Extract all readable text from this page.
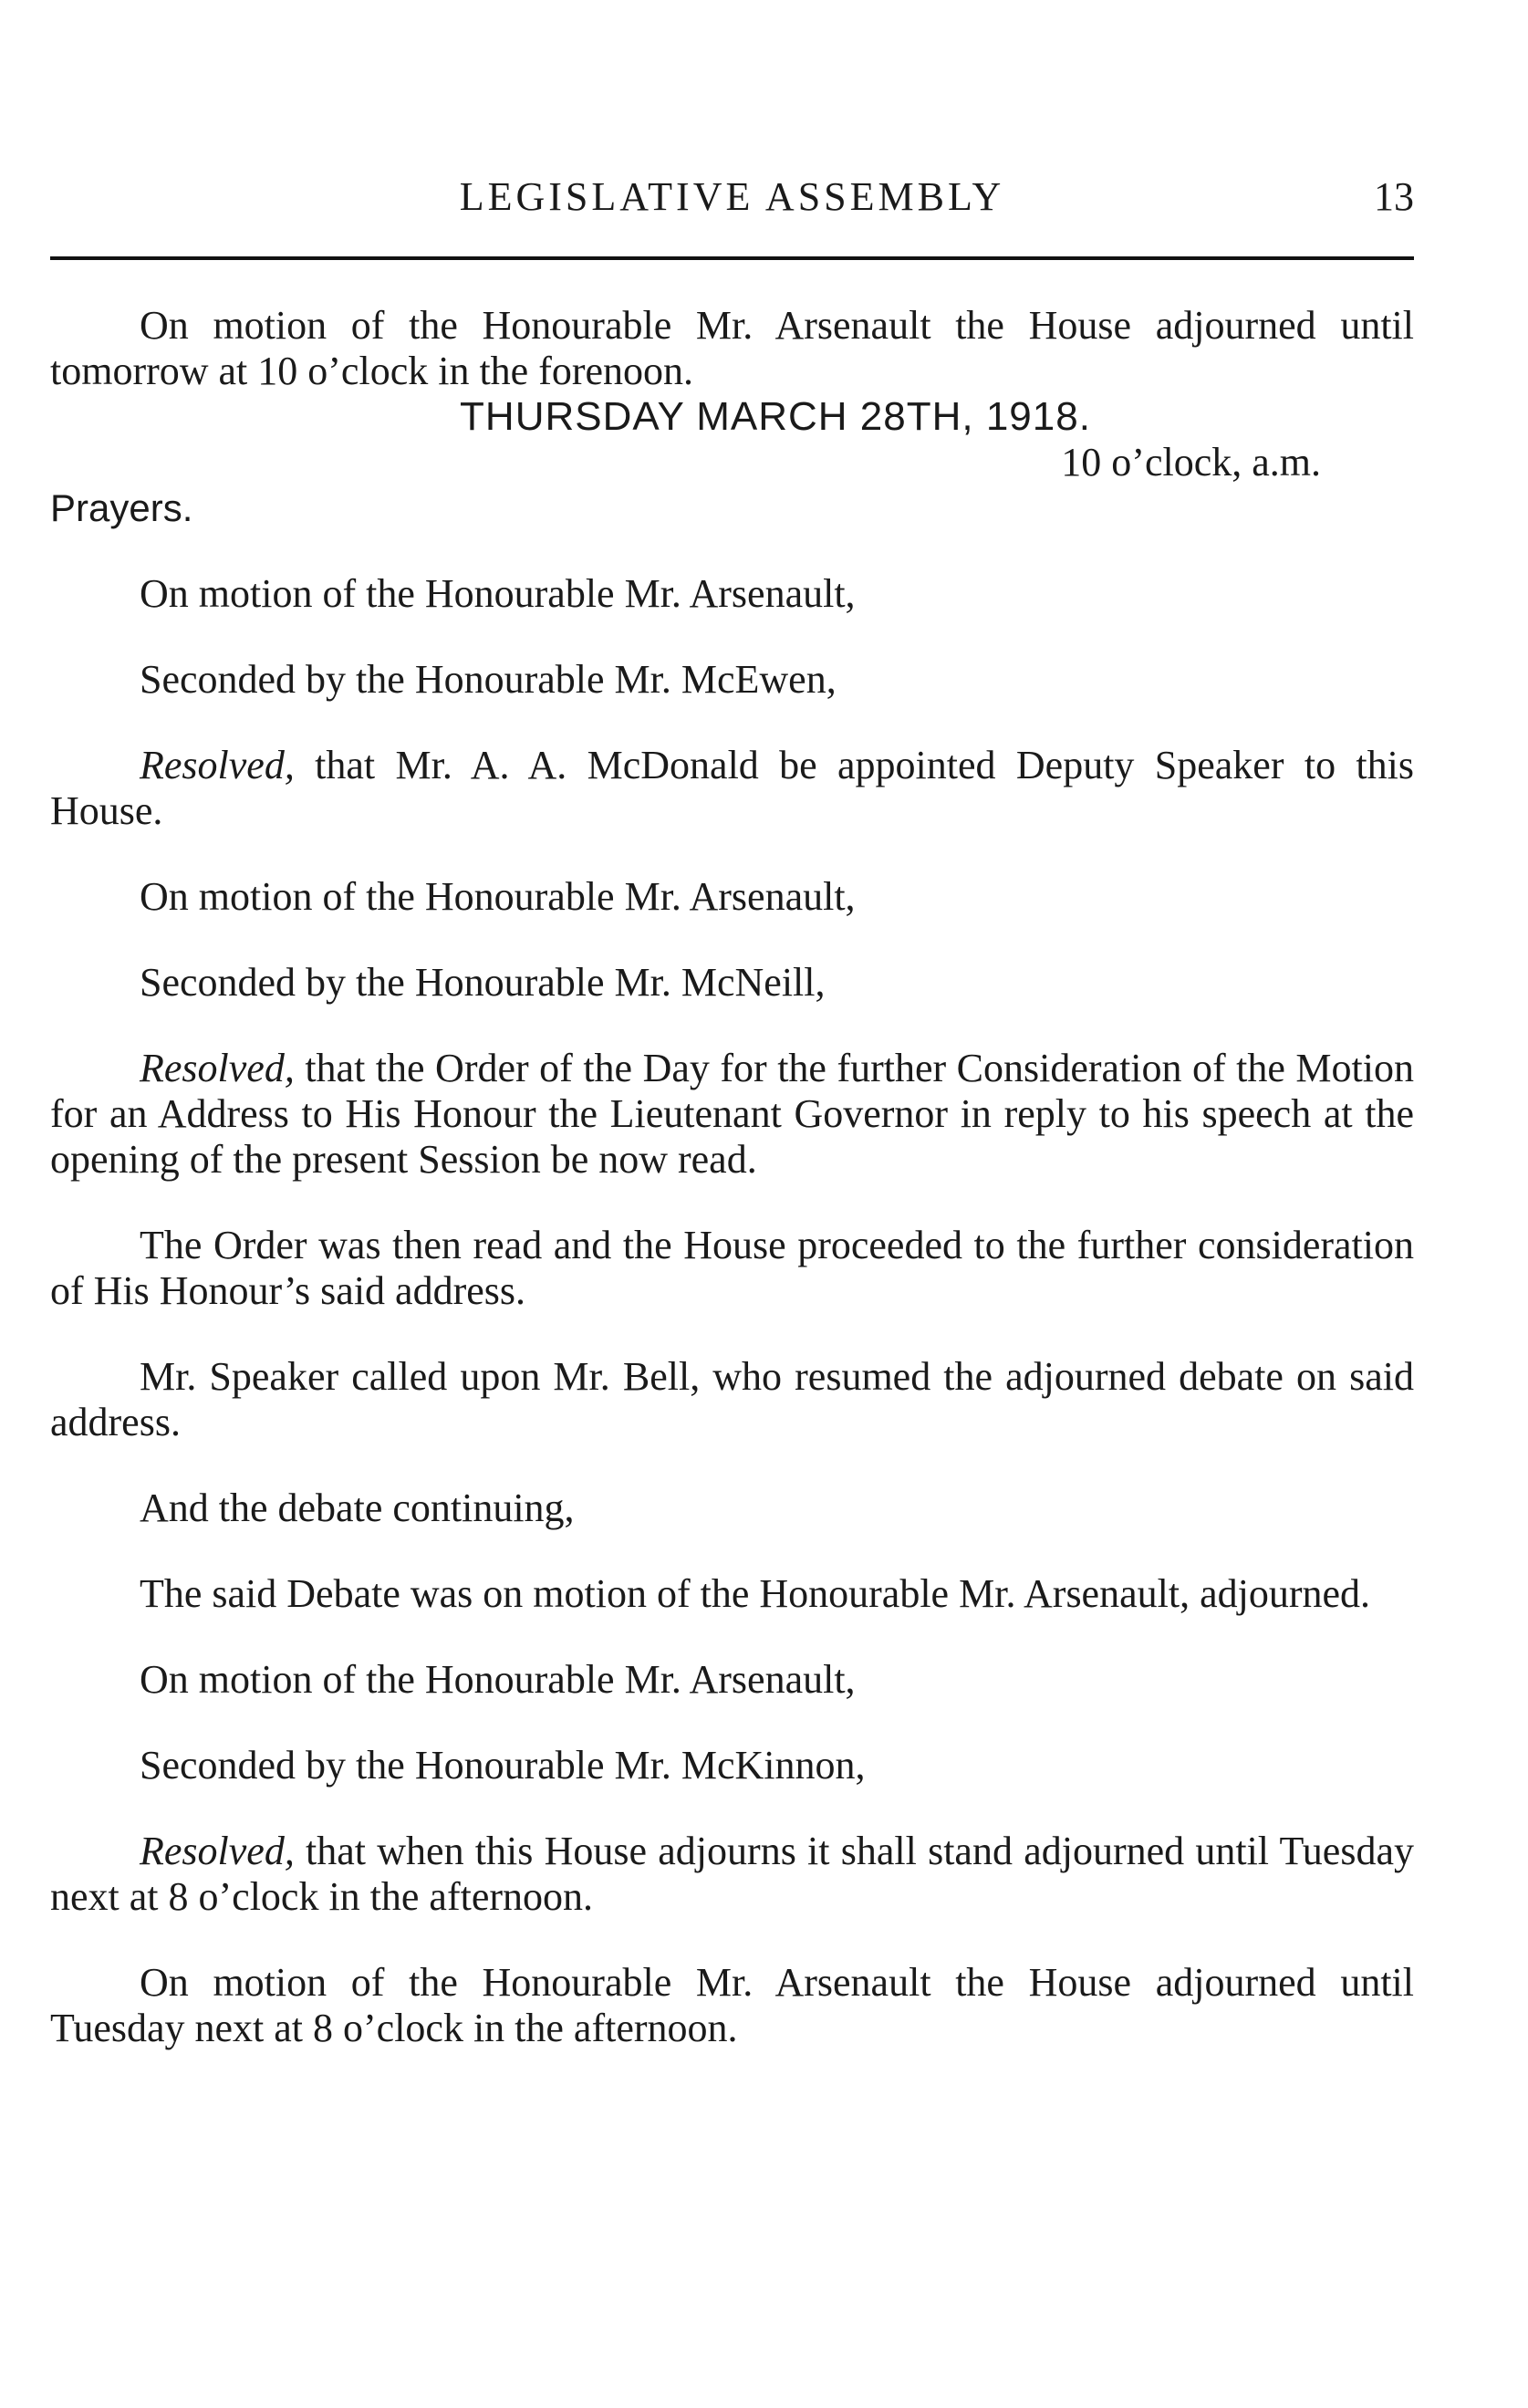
LEGISLATIVE ASSEMBLY	13

On motion of the Honourable Mr. Arsenault the House adjourned until tomorrow at 10 o’clock in the forenoon.

THURSDAY MARCH 28TH, 1918.

10 o’clock, a.m.

Prayers.

On motion of the Honourable Mr. Arsenault,

Seconded by the Honourable Mr. McEwen,

Resolved, that Mr. A. A. McDonald be appointed Deputy Speaker to this House.

On motion of the Honourable Mr. Arsenault,

Seconded by the Honourable Mr. McNeill,

Resolved, that the Order of the Day for the further Consideration of the Motion for an Address to His Honour the Lieutenant Governor in reply to his speech at the opening of the present Session be now read.

The Order was then read and the House proceeded to the further consideration of His Honour’s said address.

Mr. Speaker called upon Mr. Bell, who resumed the adjourned debate on said address.

And the debate continuing,

The said Debate was on motion of the Honourable Mr. Arsenault, adjourned.

On motion of the Honourable Mr. Arsenault,

Seconded by the Honourable Mr. McKinnon,

Resolved, that when this House adjourns it shall stand adjourned until Tuesday next at 8 o’clock in the afternoon.

On motion of the Honourable Mr. Arsenault the House adjourned until Tuesday next at 8 o’clock in the afternoon.
